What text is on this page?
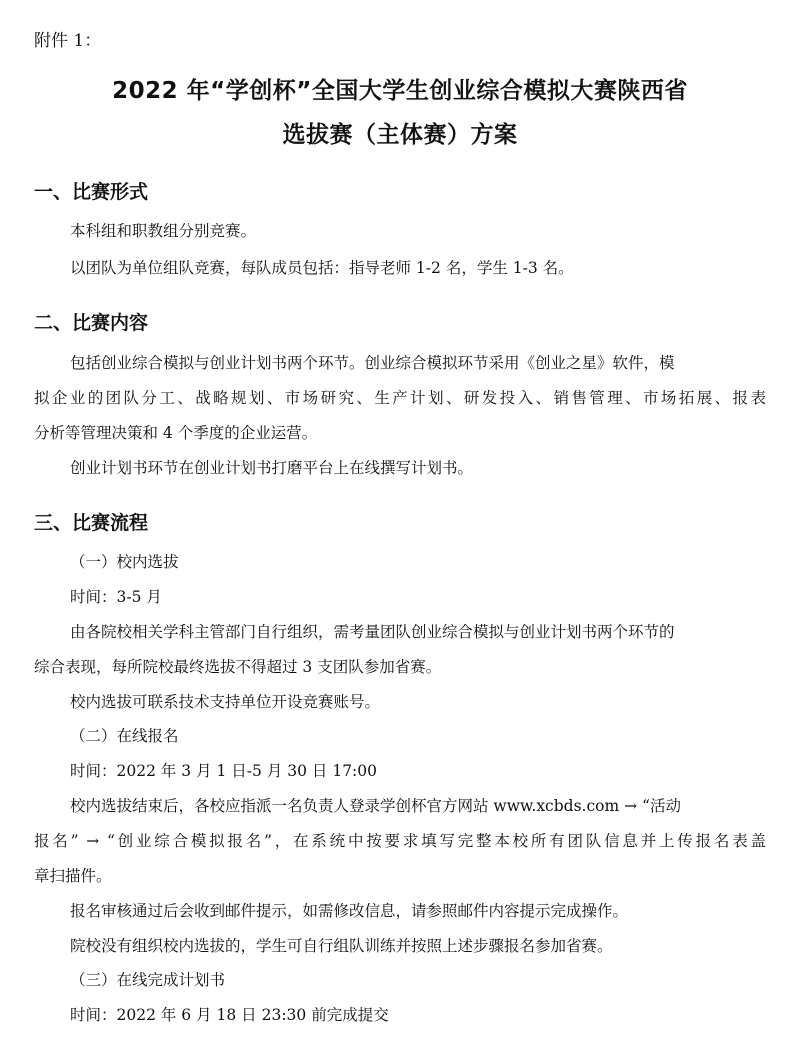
附件 1：
2022 年“学创杯”全国大学生创业综合模拟大赛陕西省
选拔赛（主体赛）方案
一、比赛形式
本科组和职教组分别竞赛。
以团队为单位组队竞赛，每队成员包括：指导老师 1-2 名，学生 1-3 名。
二、比赛内容
包括创业综合模拟与创业计划书两个环节。创业综合模拟环节采用《创业之星》软件，模
拟企业的团队分工、战略规划、市场研究、生产计划、研发投入、销售管理、市场拓展、报表
分析等管理决策和 4 个季度的企业运营。
创业计划书环节在创业计划书打磨平台上在线撰写计划书。
三、比赛流程
（一）校内选拔
时间：3-5 月
由各院校相关学科主管部门自行组织，需考量团队创业综合模拟与创业计划书两个环节的
综合表现，每所院校最终选拔不得超过 3 支团队参加省赛。
校内选拔可联系技术支持单位开设竞赛账号。
（二）在线报名
时间：2022 年 3 月 1 日-5 月 30 日 17:00
校内选拔结束后，各校应指派一名负责人登录学创杯官方网站 www.xcbds.com → “活动
报名” → “创业综合模拟报名”，在系统中按要求填写完整本校所有团队信息并上传报名表盖
章扫描件。
报名审核通过后会收到邮件提示，如需修改信息，请参照邮件内容提示完成操作。
院校没有组织校内选拔的，学生可自行组队训练并按照上述步骤报名参加省赛。
（三）在线完成计划书
时间：2022 年 6 月 18 日 23:30 前完成提交
